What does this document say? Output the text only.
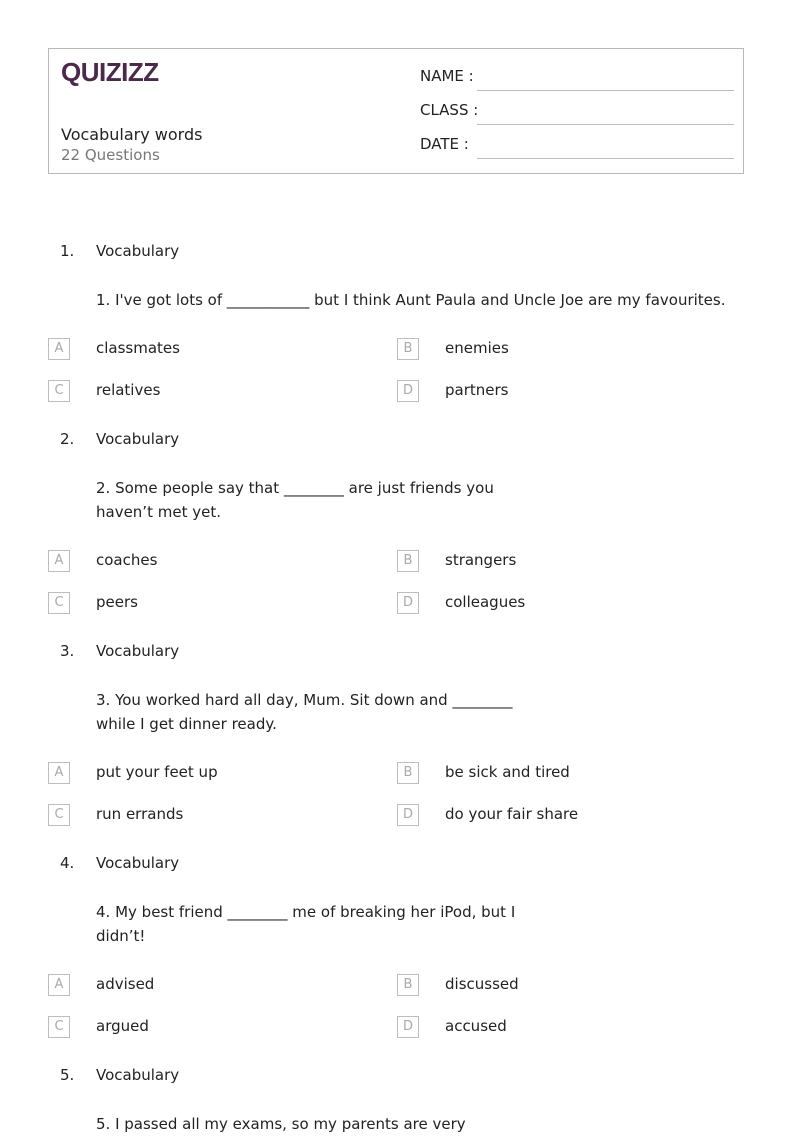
QUIZIZZ
Vocabulary words
22 Questions
NAME :
CLASS :
DATE :
1. Vocabulary
1. I've got lots of ___________ but I think Aunt Paula and Uncle Joe are my favourites.
A	classmates	B	enemies
C	relatives	D	partners
2. Vocabulary
2. Some people say that ________ are just friends you
haven’t met yet.
A	coaches	B	strangers
C	peers	D	colleagues
3. Vocabulary
3. You worked hard all day, Mum. Sit down and ________
while I get dinner ready.
A	put your feet up	B	be sick and tired
C	run errands	D	do your fair share
4. Vocabulary
4. My best friend ________ me of breaking her iPod, but I
didn’t!
A	advised	B	discussed
C	argued	D	accused
5. Vocabulary
5. I passed all my exams, so my parents are very
